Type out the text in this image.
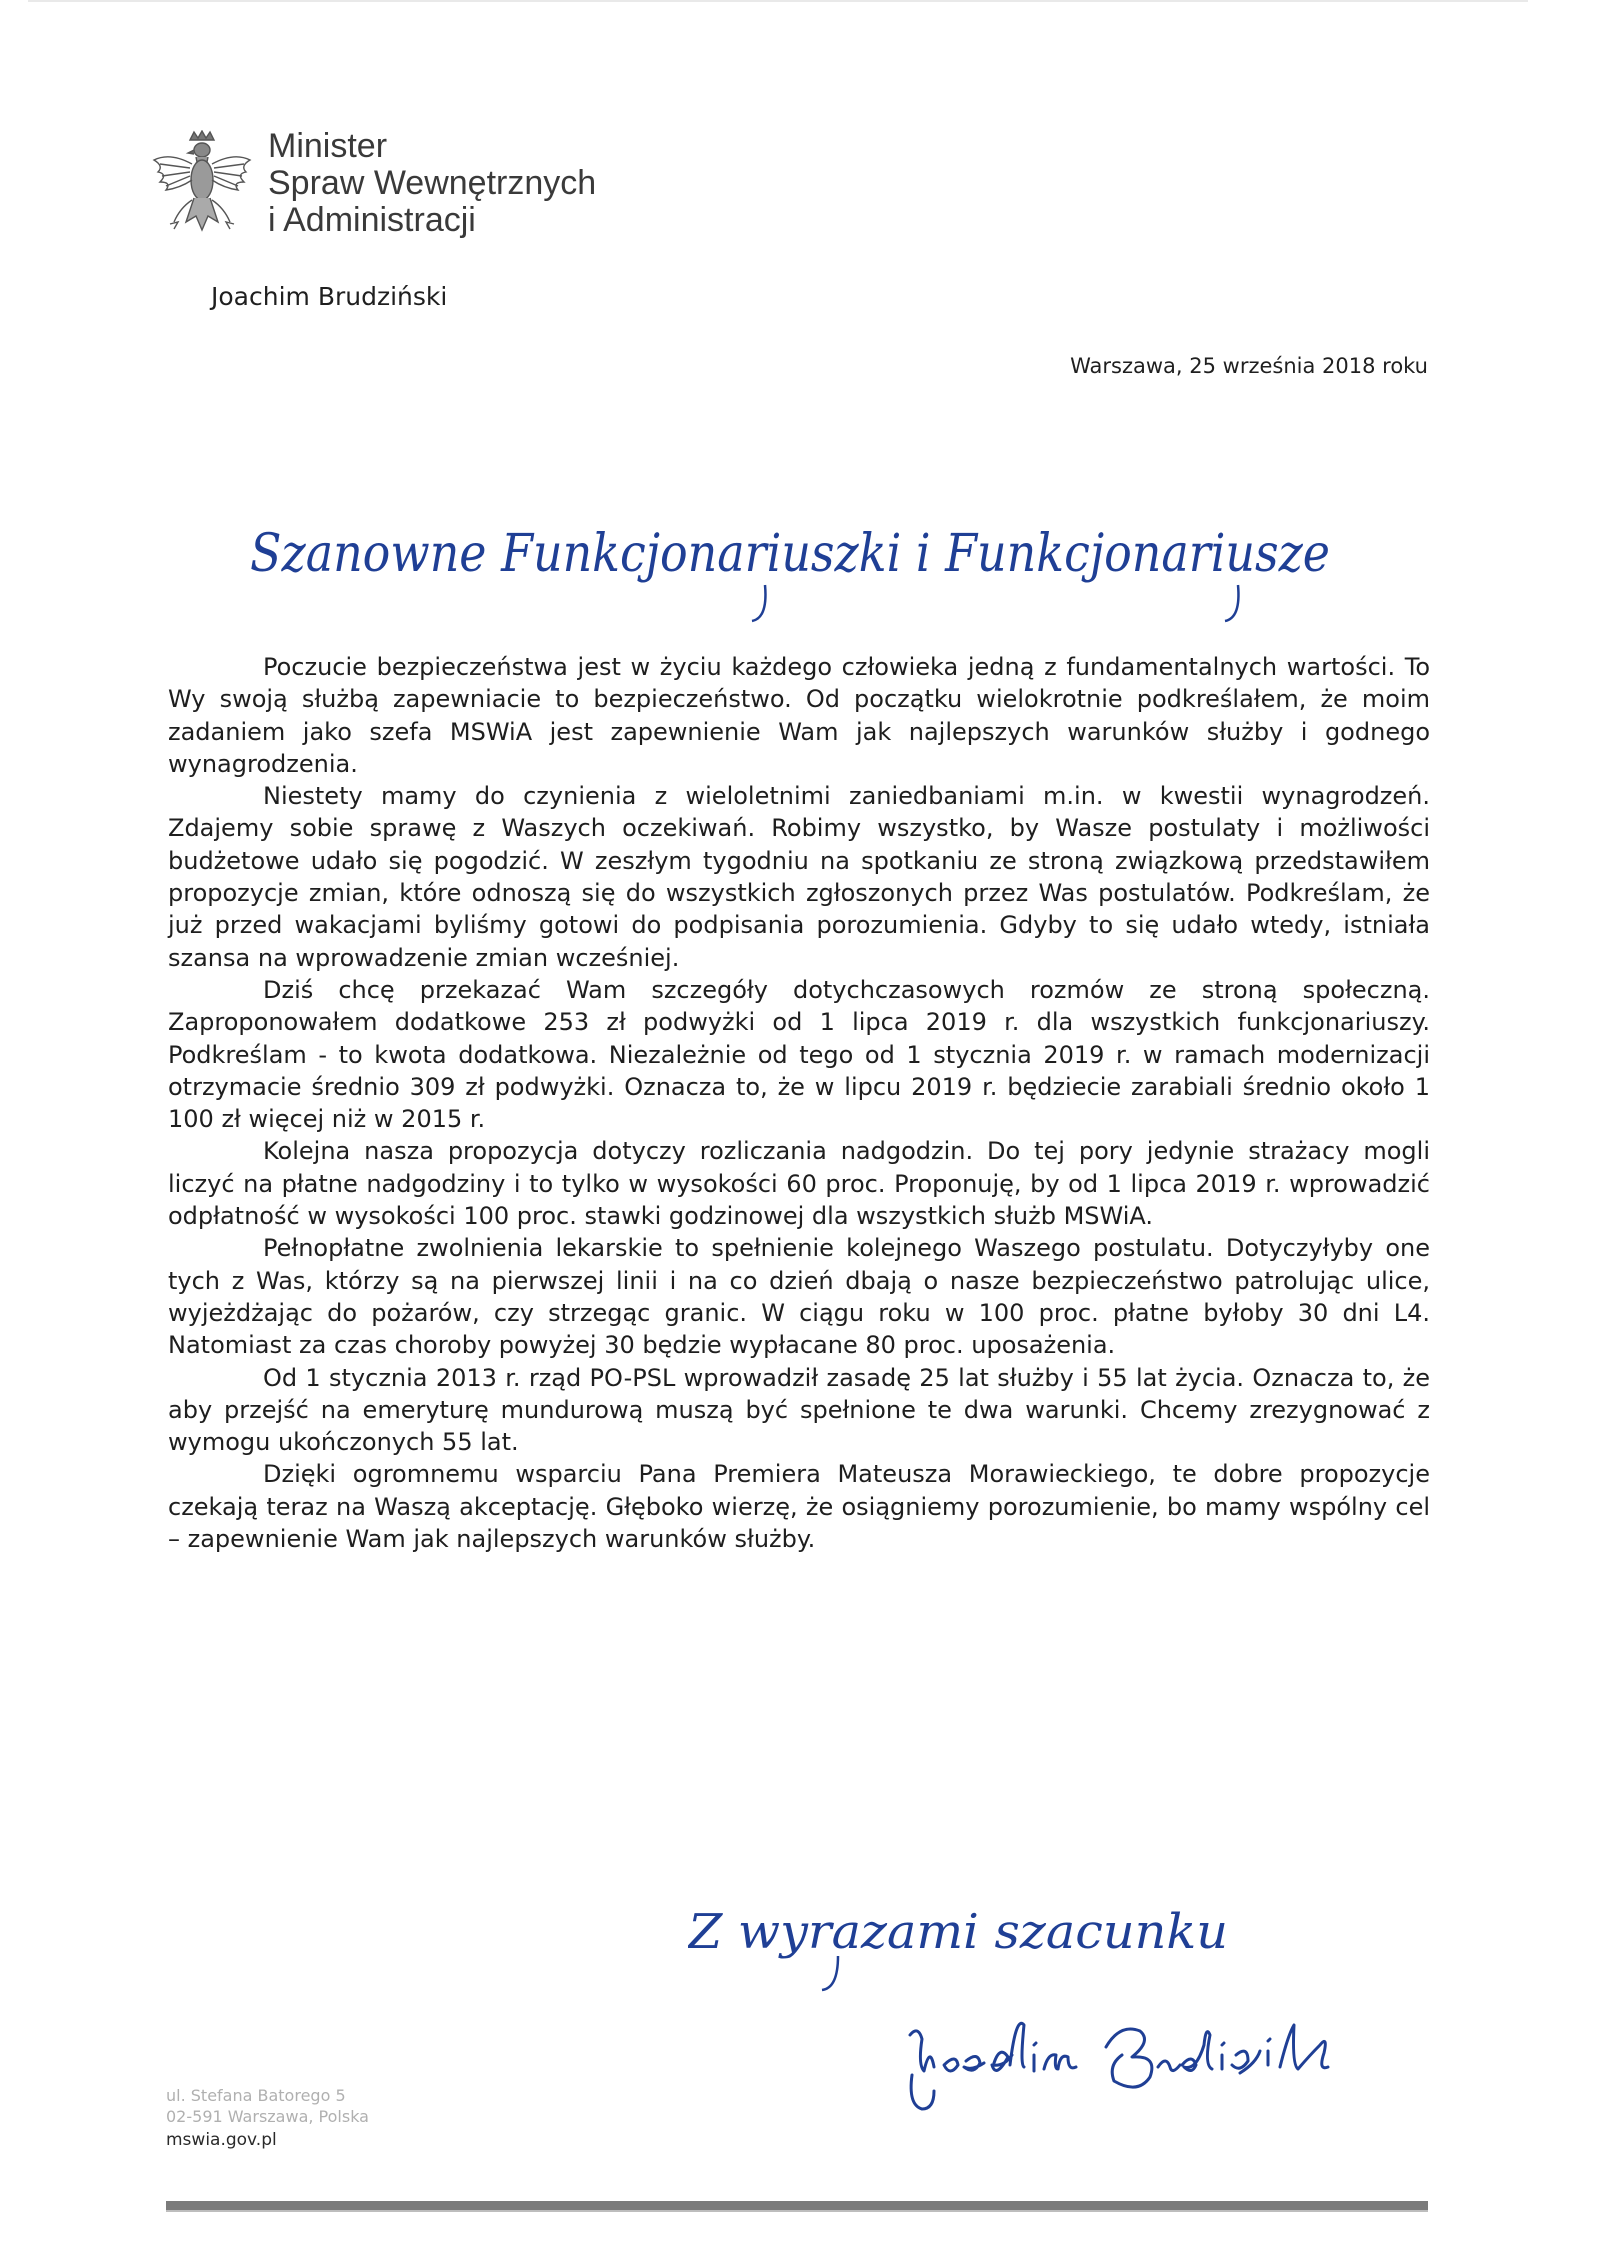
Minister
Spraw Wewnętrznych
i Administracji
Joachim Brudziński
Warszawa, 25 września 2018 roku
Szanowne Funkcjonariuszki i Funkcjonariusze

Poczucie bezpieczeństwa jest w życiu każdego człowieka jedną z fundamentalnych wartości. To Wy swoją służbą zapewniacie to bezpieczeństwo. Od początku wielokrotnie podkreślałem, że moim zadaniem jako szefa MSWiA jest zapewnienie Wam jak najlepszych warunków służby i godnego wynagrodzenia.

Niestety mamy do czynienia z wieloletnimi zaniedbaniami m.in. w kwestii wynagrodzeń. Zdajemy sobie sprawę z Waszych oczekiwań. Robimy wszystko, by Wasze postulaty i możliwości budżetowe udało się pogodzić. W zeszłym tygodniu na spotkaniu ze stroną związkową przedstawiłem propozycje zmian, które odnoszą się do wszystkich zgłoszonych przez Was postulatów. Podkreślam, że już przed wakacjami byliśmy gotowi do podpisania porozumienia. Gdyby to się udało wtedy, istniała szansa na wprowadzenie zmian wcześniej.

Dziś chcę przekazać Wam szczegóły dotychczasowych rozmów ze stroną społeczną. Zaproponowałem dodatkowe 253 zł podwyżki od 1 lipca 2019 r. dla wszystkich funkcjonariuszy. Podkreślam - to kwota dodatkowa. Niezależnie od tego od 1 stycznia 2019 r. w ramach modernizacji otrzymacie średnio 309 zł podwyżki. Oznacza to, że w lipcu 2019 r. będziecie zarabiali średnio około 1 100 zł więcej niż w 2015 r.

Kolejna nasza propozycja dotyczy rozliczania nadgodzin. Do tej pory jedynie strażacy mogli liczyć na płatne nadgodziny i to tylko w wysokości 60 proc. Proponuję, by od 1 lipca 2019 r. wprowadzić odpłatność w wysokości 100 proc. stawki godzinowej dla wszystkich służb MSWiA.

Pełnopłatne zwolnienia lekarskie to spełnienie kolejnego Waszego postulatu. Dotyczyłyby one tych z Was, którzy są na pierwszej linii i na co dzień dbają o nasze bezpieczeństwo patrolując ulice, wyjeżdżając do pożarów, czy strzegąc granic. W ciągu roku w 100 proc. płatne byłoby 30 dni L4. Natomiast za czas choroby powyżej 30 będzie wypłacane 80 proc. uposażenia.

Od 1 stycznia 2013 r. rząd PO-PSL wprowadził zasadę 25 lat służby i 55 lat życia. Oznacza to, że aby przejść na emeryturę mundurową muszą być spełnione te dwa warunki. Chcemy zrezygnować z wymogu ukończonych 55 lat.

Dzięki ogromnemu wsparciu Pana Premiera Mateusza Morawieckiego, te dobre propozycje czekają teraz na Waszą akceptację. Głęboko wierzę, że osiągniemy porozumienie, bo mamy wspólny cel – zapewnienie Wam jak najlepszych warunków służby.

Z wyrazami szacunku
ul. Stefana Batorego 5
02-591 Warszawa, Polska
mswia.gov.pl
